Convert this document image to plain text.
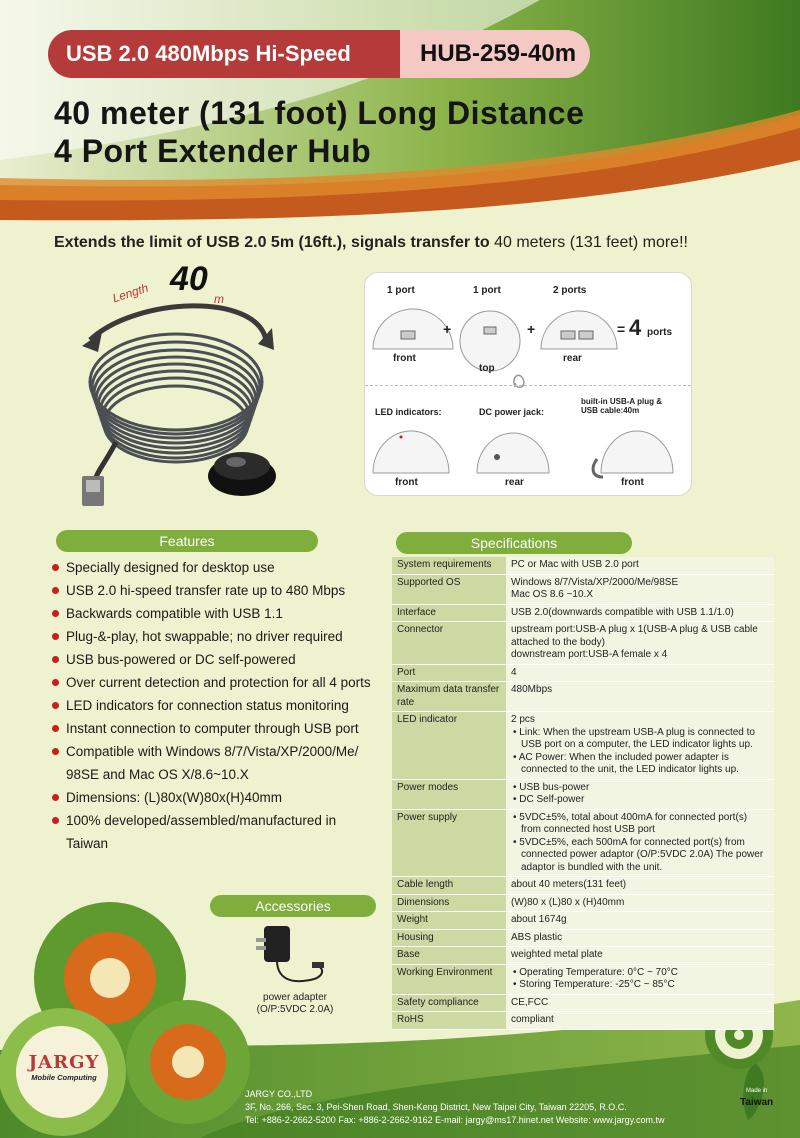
USB 2.0 480Mbps Hi-Speed	HUB-259-40m
40 meter (131 foot) Long Distance
4 Port Extender Hub
Extends the limit of USB 2.0 5m (16ft.), signals transfer to 40 meters (131 feet) more!!
Length 40
m
1 port	1 port	2 ports
+	+	= 4 ports
front
top
rear
LED indicators:	DC power jack:
built-in USB-A plug & USB cable:40m
front	rear	front
Features
Specially designed for desktop use
USB 2.0 hi-speed transfer rate up to 480 Mbps
Backwards compatible with USB 1.1
Plug-&-play, hot swappable; no driver required
USB bus-powered or DC self-powered
Over current detection and protection for all 4 ports
LED indicators for connection status monitoring
Instant connection to computer through USB port
Compatible with Windows 8/7/Vista/XP/2000/Me/ 98SE and Mac OS X/8.6~10.X
Dimensions: (L)80x(W)80x(H)40mm
100% developed/assembled/manufactured in Taiwan
Accessories
power adapter
(O/P:5VDC 2.0A)
Specifications
System requirements	PC or Mac with USB 2.0 port

Supported OS	Windows 8/7/Vista/XP/2000/Me/98SE
Mac OS 8.6 ~10.X

Interface	USB 2.0(downwards compatible with USB 1.1/1.0)

Connector	upstream port:USB-A plug x 1(USB-A plug & USB cable attached to the body)
downstream port:USB-A female x 4

Port	4

Maximum data transfer rate	480Mbps

LED indicator	2 pcs
• Link: When the upstream USB-A plug is connected to USB port on a computer, the LED indicator lights up.
• AC Power: When the included power adapter is connected to the unit, the LED indicator lights up.

Power modes	• USB bus-power
• DC Self-power

Power supply	• 5VDC±5%, total about 400mA for connected port(s) from connected host USB port
• 5VDC±5%, each 500mA for connected port(s) from connected power adaptor (O/P:5VDC 2.0A) The power adaptor is bundled with the unit.

Cable length	about 40 meters(131 feet)

Dimensions	(W)80 x (L)80 x (H)40mm

Weight	about 1674g

Housing	ABS plastic

Base	weighted metal plate

Working Environment	• Operating Temperature: 0°C ~ 70°C
• Storing Temperature: -25°C ~ 85°C

Safety compliance	CE,FCC

RoHS	compliant
JARGY
Mobile Computing
Made in
Taiwan
JARGY CO.,LTD
3F, No. 266, Sec. 3, Pei-Shen Road, Shen-Keng District, New Taipei City, Taiwan 22205, R.O.C.
Tel: +886-2-2662-5200 Fax: +886-2-2662-9162 E-mail: jargy@ms17.hinet.net Website: www.jargy.com.tw
